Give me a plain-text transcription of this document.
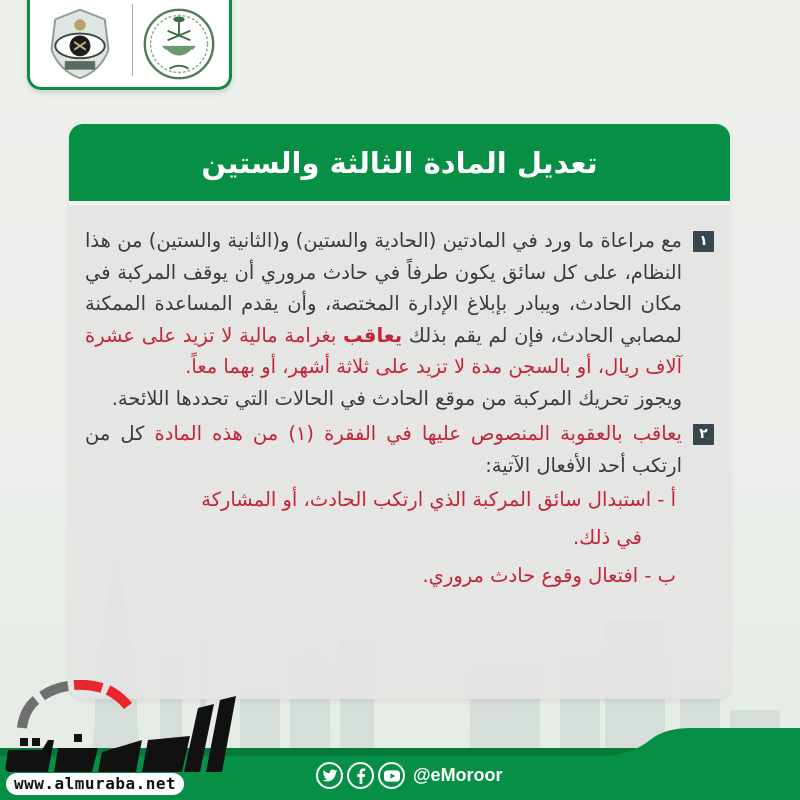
تعديل المادة الثالثة والستين
١
مع مراعاة ما ورد في المادتين (الحادية والستين) و(الثانية والستين) من هذا النظام، على كل سائق يكون طرفاً في حادث مروري أن يوقف المركبة في مكان الحادث، ويبادر بإبلاغ الإدارة المختصة، وأن يقدم المساعدة الممكنة لمصابي الحادث، فإن لم يقم بذلك يعاقب بغرامة مالية لا تزيد على عشرة آلاف ريال، أو بالسجن مدة لا تزيد على ثلاثة أشهر، أو بهما معاً.
ويجوز تحريك المركبة من موقع الحادث في الحالات التي تحددها اللائحة.
٢
يعاقب بالعقوبة المنصوص عليها في الفقرة (١) من هذه المادة كل من ارتكب أحد الأفعال الآتية:
أ - استبدال سائق المركبة الذي ارتكب الحادث، أو المشاركة
في ذلك.
ب - افتعال وقوع حادث مروري.
@eMoroor
www.almuraba.net
